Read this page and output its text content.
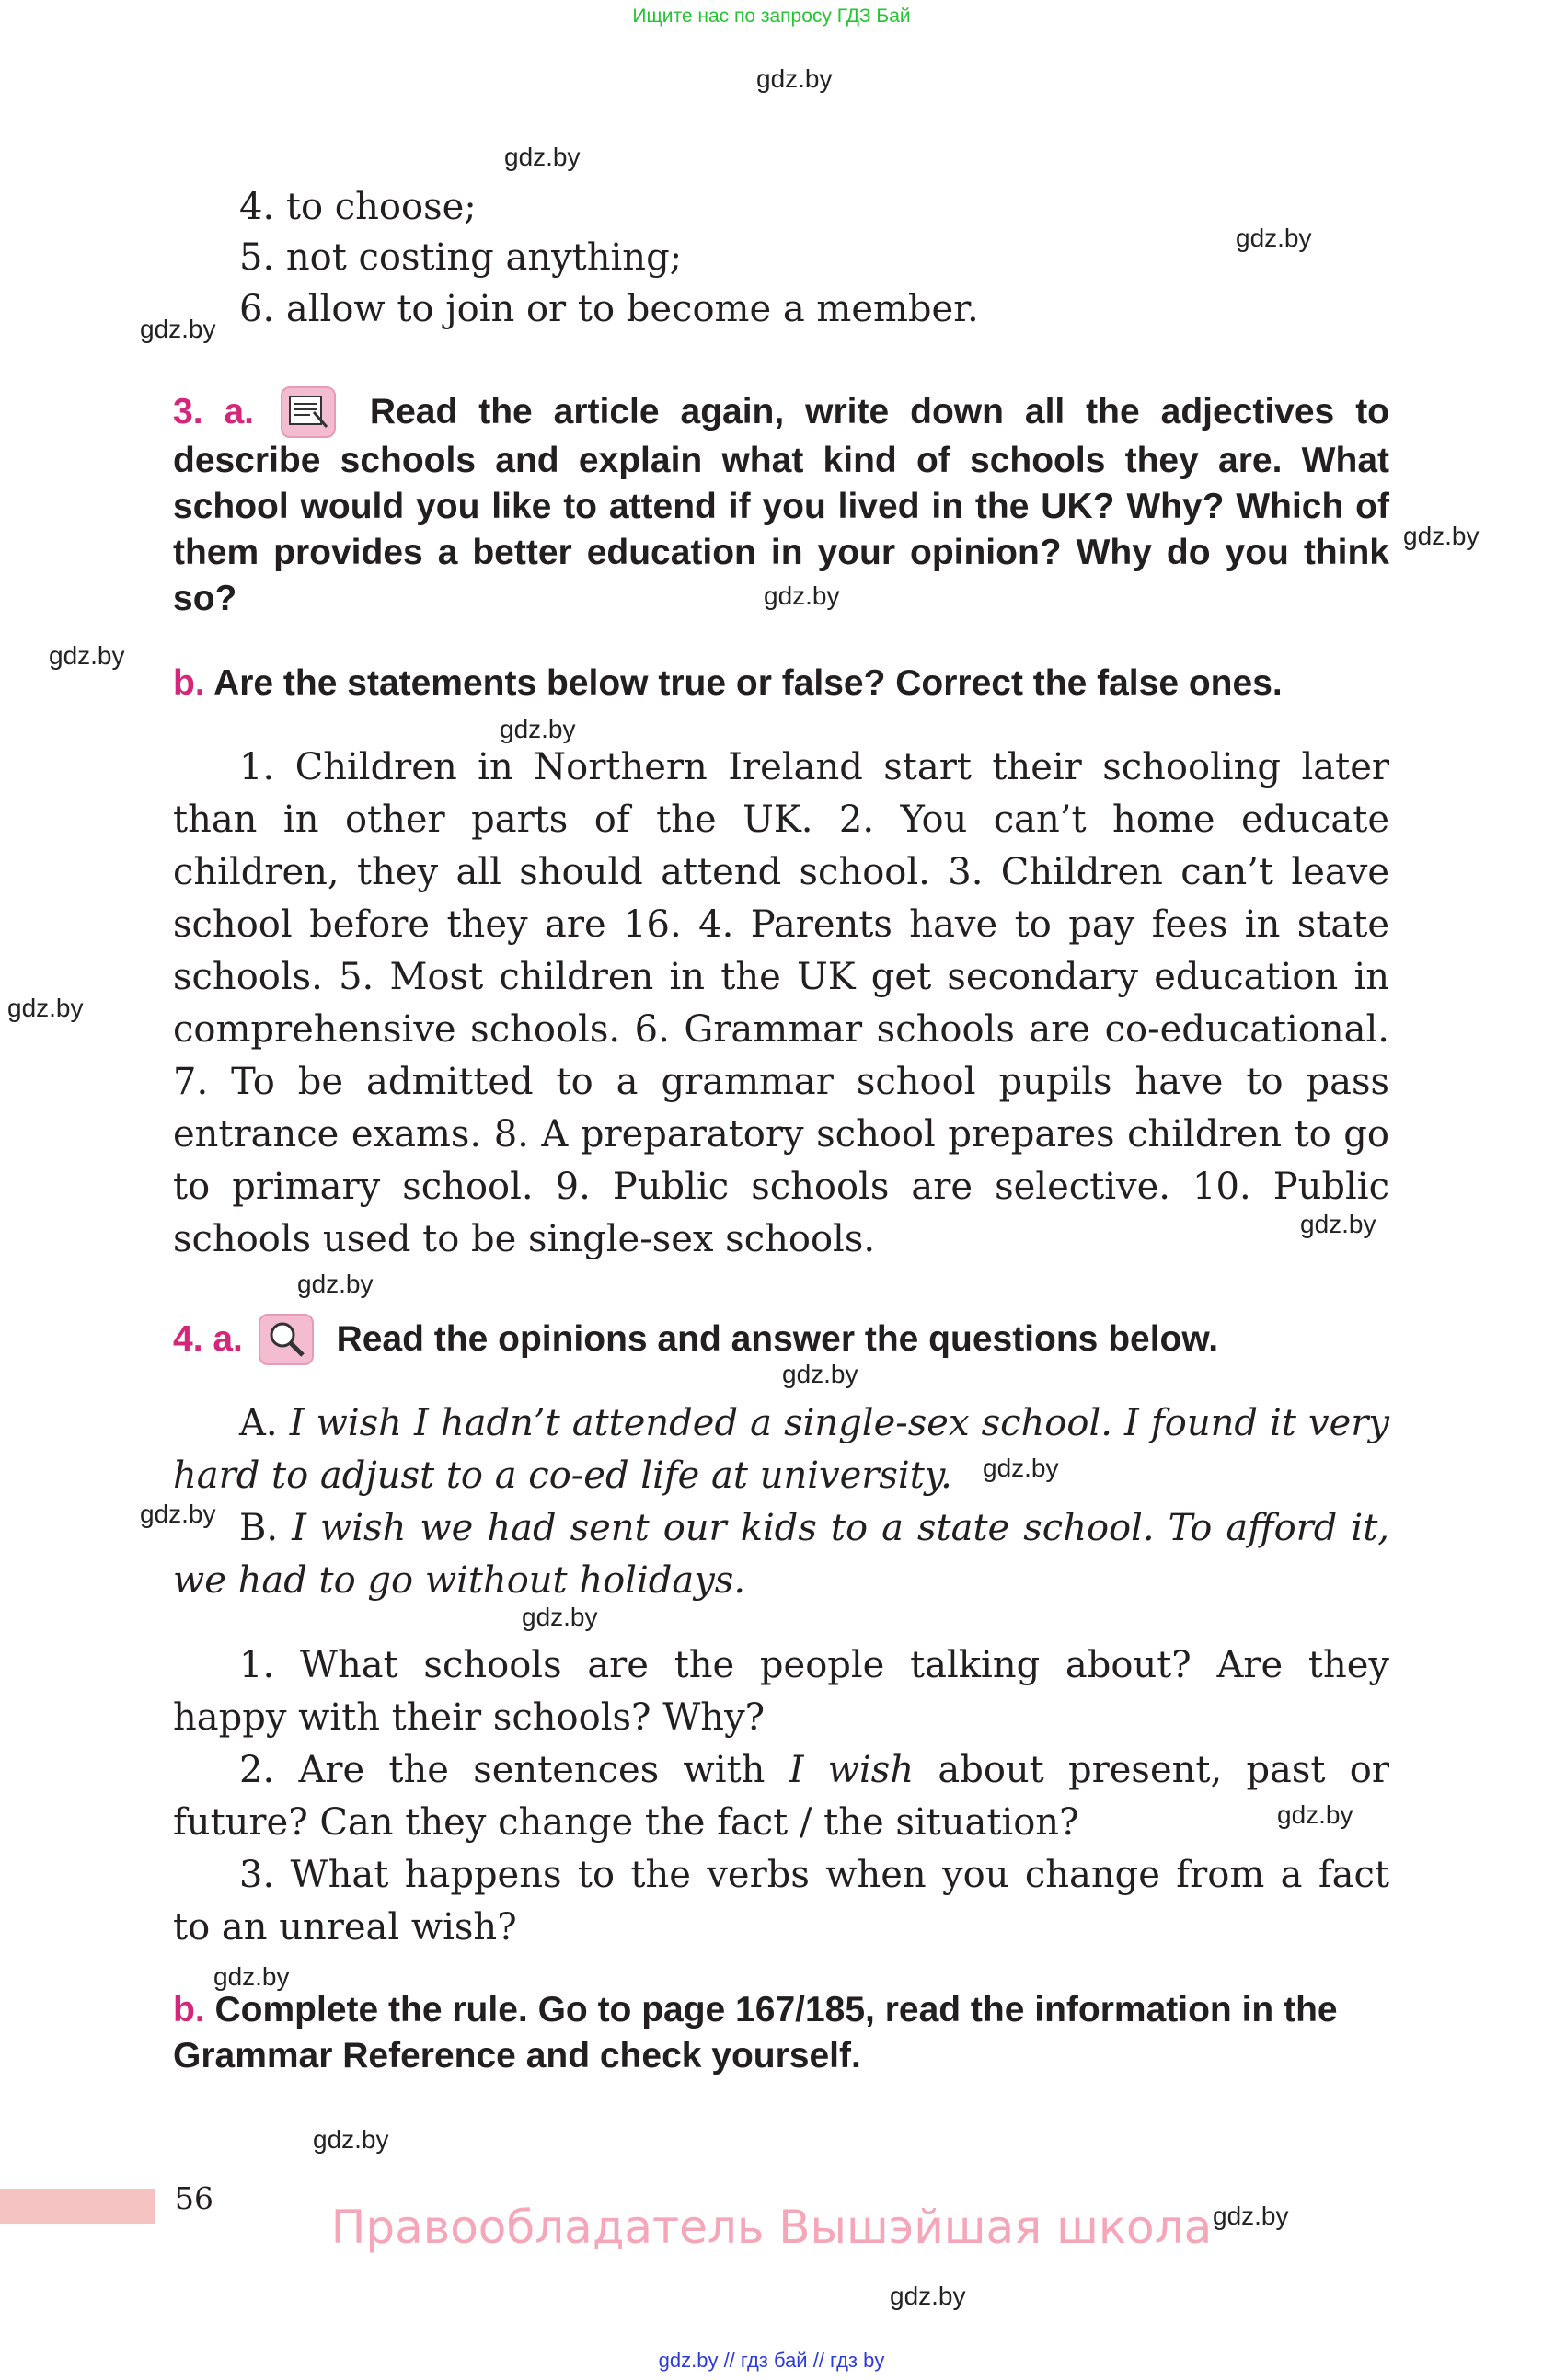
Ищите нас по запросу ГДЗ Бай
gdz.by
gdz.by
gdz.by
gdz.by
gdz.by
gdz.by
gdz.by
gdz.by
gdz.by
gdz.by
gdz.by
gdz.by
gdz.by
gdz.by
gdz.by
gdz.by
gdz.by
gdz.by
gdz.by
gdz.by
4. to choose;
5. not costing anything;
6. allow to join or to become a member.
3. a.	Read the article again, write down all the adjectives to describe schools and explain what kind of schools they are. What school would you like to attend if you lived in the UK? Why? Which of them provides a better education in your opinion? Why do you think so?
b. Are the statements below true or false? Correct the false ones.

1. Children in Northern Ireland start their schooling later than in other parts of the UK. 2. You can’t home educate children, they all should attend school. 3. Children can’t leave school before they are 16. 4. Parents have to pay fees in state schools. 5. Most children in the UK get secondary education in comprehensive schools. 6. Grammar schools are co-educational. 7. To be admitted to a grammar school pupils have to pass entrance exams. 8. A preparatory school prepares children to go to primary school. 9. Public schools are selective. 10. Public schools used to be single-sex schools.

4. a.	Read the opinions and answer the questions below.

A. I wish I hadn’t attended a single-sex school. I found it very hard to adjust to a co-ed life at university.

B. I wish we had sent our kids to a state school. To afford it, we had to go without holidays.

1. What schools are the people talking about? Are they happy with their schools? Why?

2. Are the sentences with I wish about present, past or future? Can they change the fact / the situation?

3. What happens to the verbs when you change from a fact to an unreal wish?

b. Complete the rule. Go to page 167/185, read the information in the Grammar Reference and check yourself.
56
Правообладатель Вышэйшая школа
gdz.by // гдз бай // гдз by
